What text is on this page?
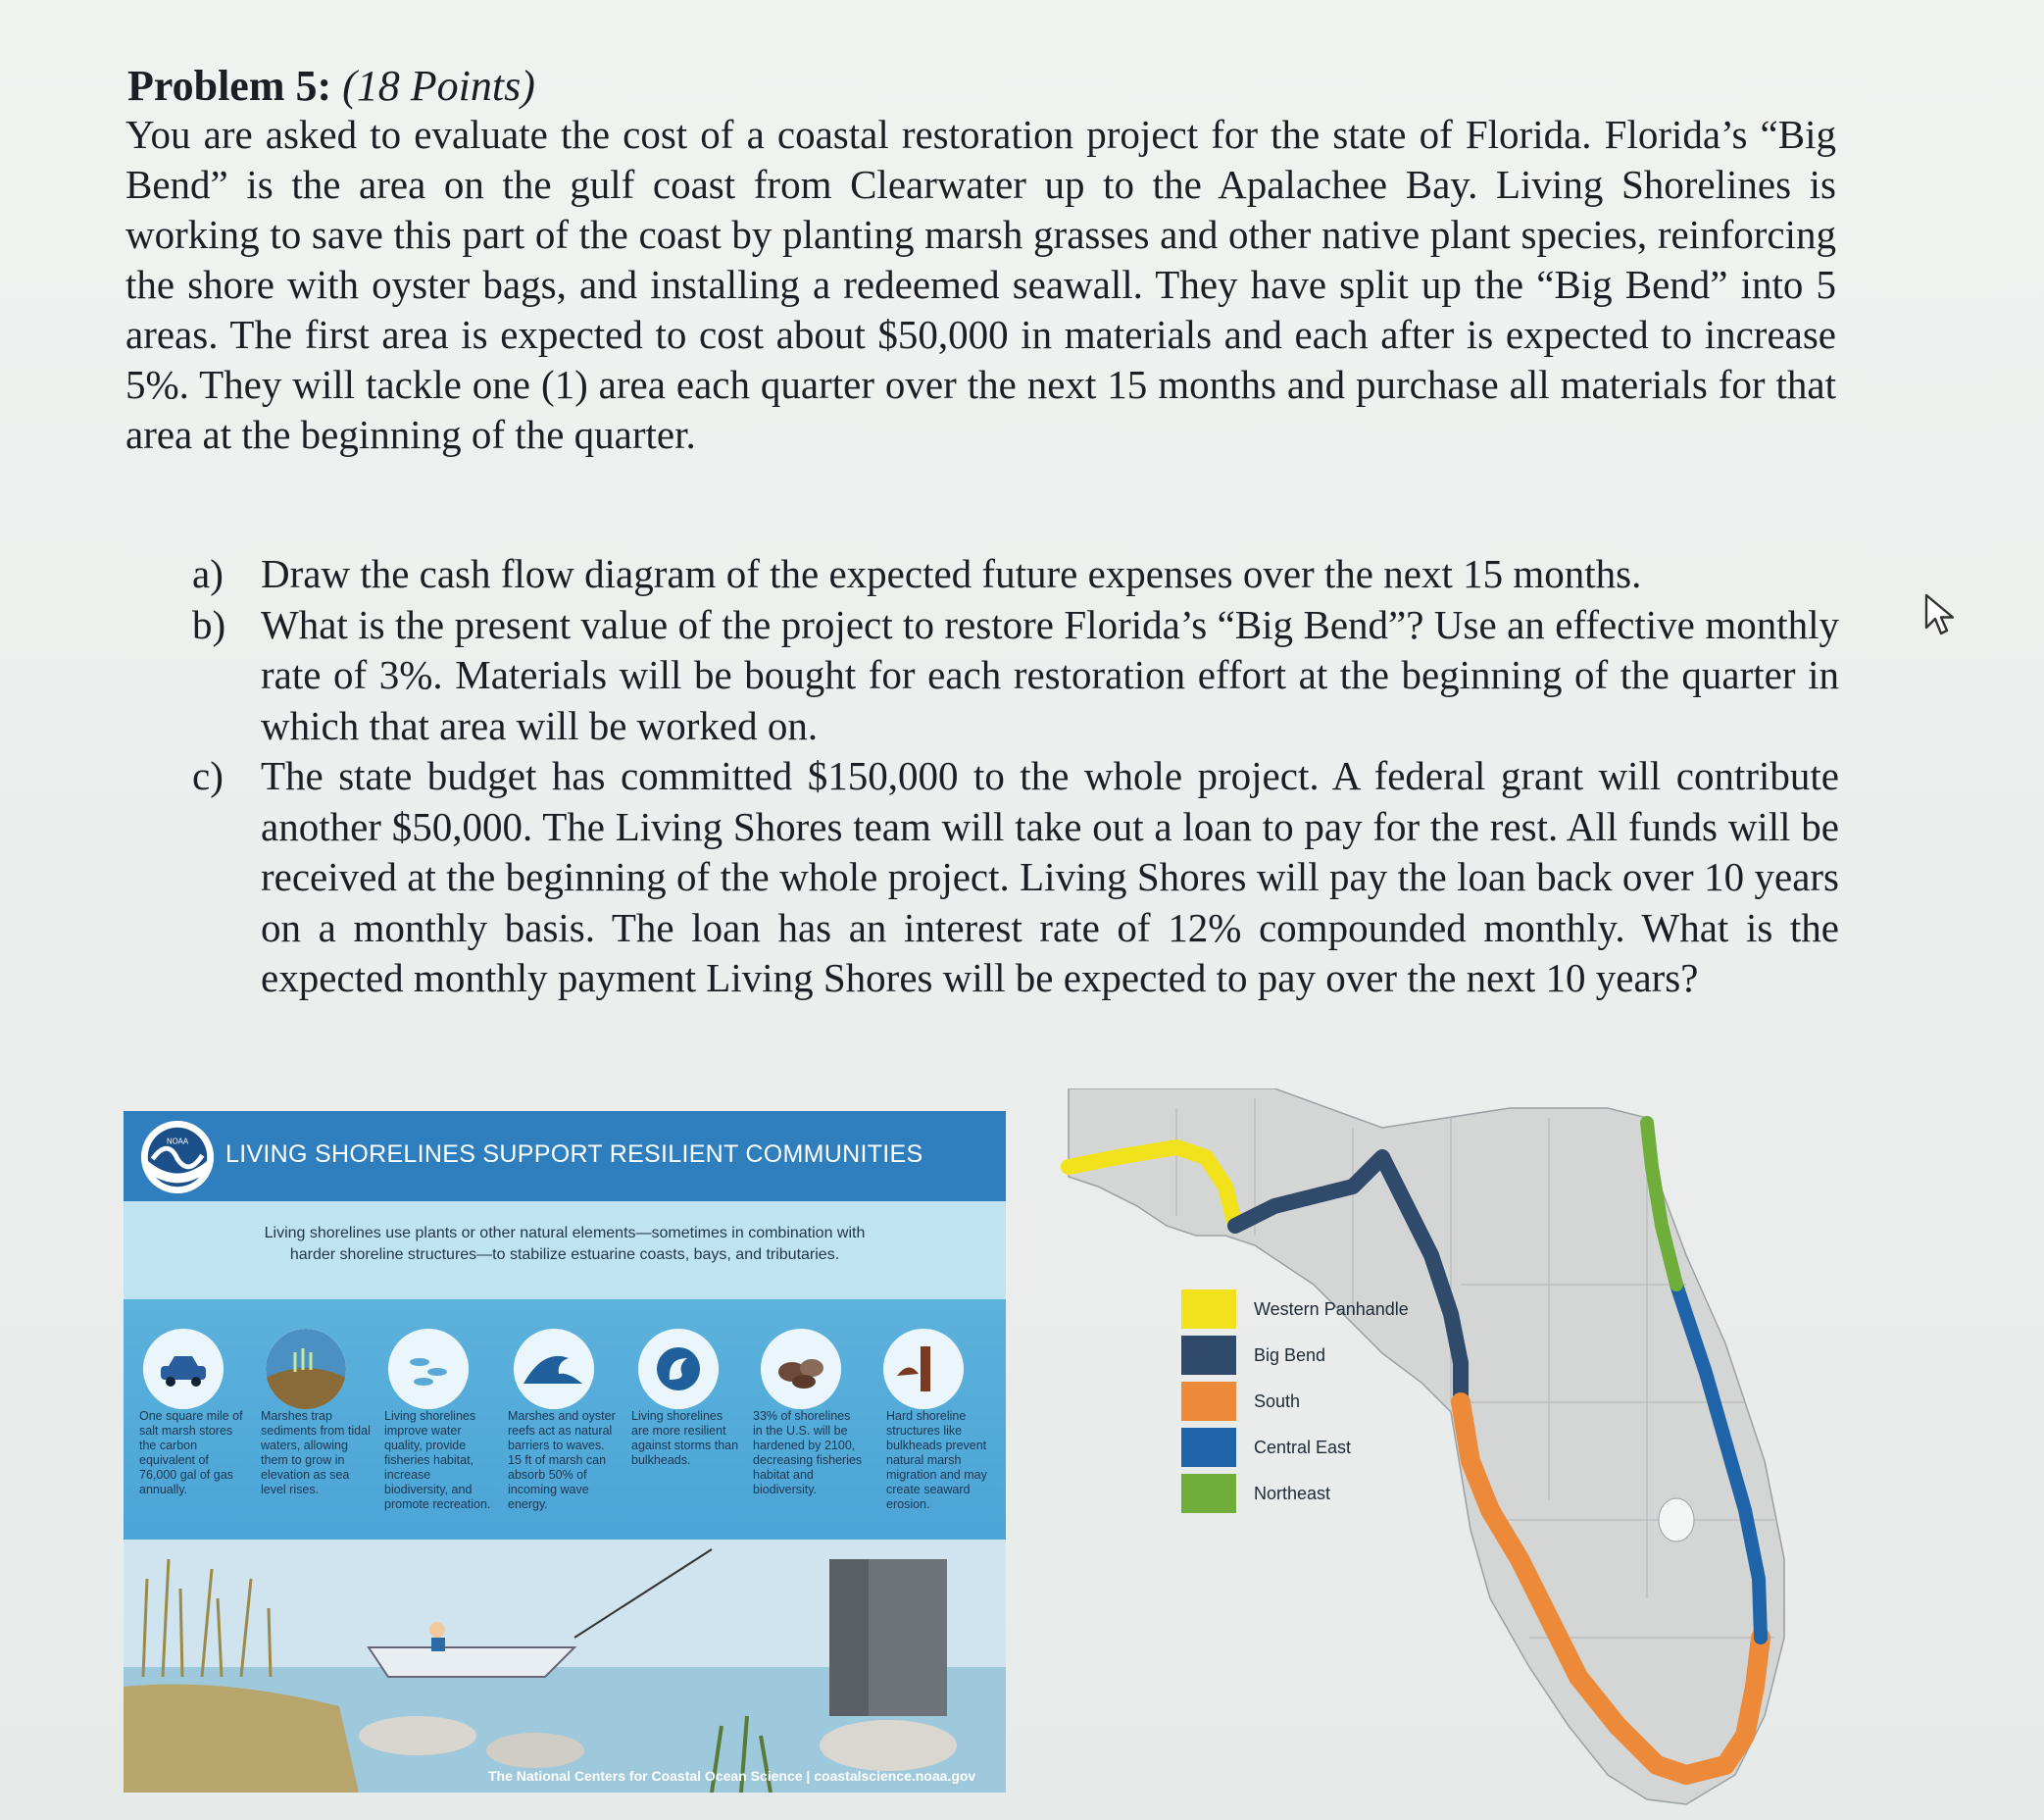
Problem 5: (18 Points)
You are asked to evaluate the cost of a coastal restoration project for the state of Florida. Florida’s “Big Bend” is the area on the gulf coast from Clearwater up to the Apalachee Bay. Living Shorelines is working to save this part of the coast by planting marsh grasses and other native plant species, reinforcing the shore with oyster bags, and installing a redeemed seawall. They have split up the “Big Bend” into 5 areas. The first area is expected to cost about $50,000 in materials and each after is expected to increase 5%. They will tackle one (1) area each quarter over the next 15 months and purchase all materials for that area at the beginning of the quarter.
a) Draw the cash flow diagram of the expected future expenses over the next 15 months.
b) What is the present value of the project to restore Florida’s “Big Bend”? Use an effective monthly rate of 3%. Materials will be bought for each restoration effort at the beginning of the quarter in which that area will be worked on.
c) The state budget has committed $150,000 to the whole project. A federal grant will contribute another $50,000. The Living Shores team will take out a loan to pay for the rest. All funds will be received at the beginning of the whole project. Living Shores will pay the loan back over 10 years on a monthly basis. The loan has an interest rate of 12% compounded monthly. What is the expected monthly payment Living Shores will be expected to pay over the next 10 years?
NOAA LIVING SHORELINES SUPPORT RESILIENT COMMUNITIES
Living shorelines use plants or other natural elements—sometimes in combination with
harder shoreline structures—to stabilize estuarine coasts, bays, and tributaries.
One square mile of salt marsh stores the carbon equivalent of 76,000 gal of gas annually.
Marshes trap sediments from tidal waters, allowing them to grow in elevation as sea level rises.
Living shorelines improve water quality, provide fisheries habitat, increase biodiversity, and promote recreation.
Marshes and oyster reefs act as natural barriers to waves. 15 ft of marsh can absorb 50% of incoming wave energy.
Living shorelines are more resilient against storms than bulkheads.
33% of shorelines in the U.S. will be hardened by 2100, decreasing fisheries habitat and biodiversity.
Hard shoreline structures like bulkheads prevent natural marsh migration and may create seaward erosion.
The National Centers for Coastal Ocean Science | coastalscience.noaa.gov
Western Panhandle
Big Bend
South
Central East
Northeast
